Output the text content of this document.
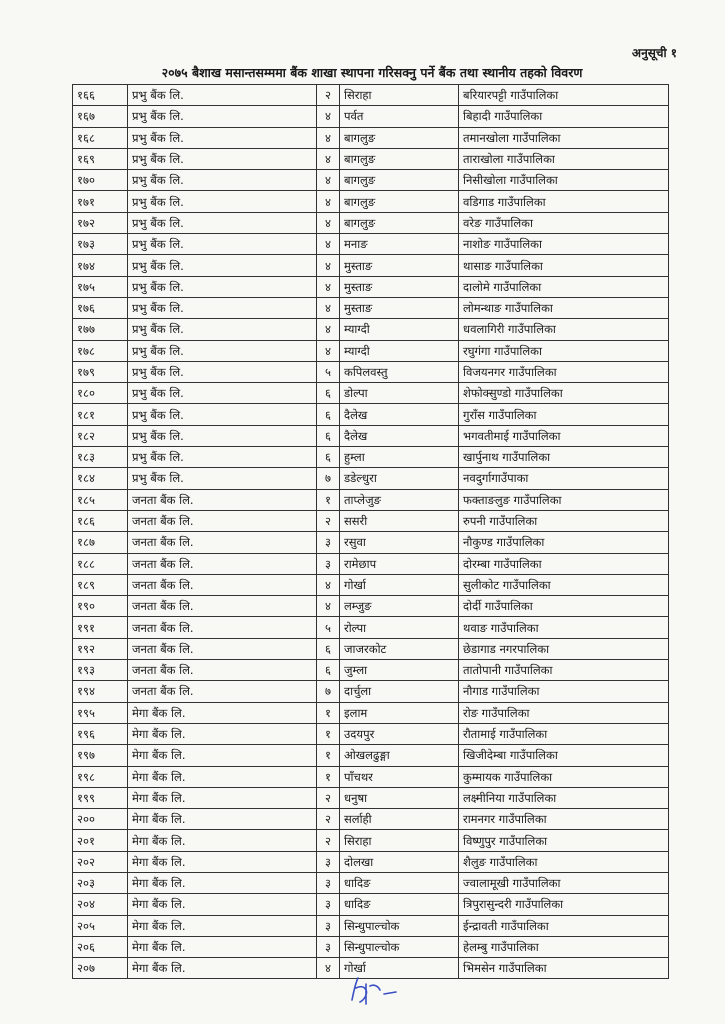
अनुसूची १
२०७५ बैशाख मसान्तसम्ममा बैंक शाखा स्थापना गरिसक्नु पर्ने बैंक तथा स्थानीय तहको विवरण
१६६	प्रभु बैंक लि.	२	सिराहा	बरियारपट्टी गाउँपालिका
१६७	प्रभु बैंक लि.	४	पर्वत	बिहादी गाउँपालिका
१६८	प्रभु बैंक लि.	४	बागलुङ	तमानखोला गाउँपालिका
१६९	प्रभु बैंक लि.	४	बागलुङ	ताराखोला गाउँपालिका
१७०	प्रभु बैंक लि.	४	बागलुङ	निसीखोला गाउँपालिका
१७१	प्रभु बैंक लि.	४	बागलुङ	वडिगाड गाउँपालिका
१७२	प्रभु बैंक लि.	४	बागलुङ	वरेङ गाउँपालिका
१७३	प्रभु बैंक लि.	४	मनाङ	नाशोङ गाउँपालिका
१७४	प्रभु बैंक लि.	४	मुस्ताङ	थासाङ गाउँपालिका
१७५	प्रभु बैंक लि.	४	मुस्ताङ	दालोमे गाउँपालिका
१७६	प्रभु बैंक लि.	४	मुस्ताङ	लोमन्थाङ गाउँपालिका
१७७	प्रभु बैंक लि.	४	म्याग्दी	धवलागिरी गाउँपालिका
१७८	प्रभु बैंक लि.	४	म्याग्दी	रघुगंगा गाउँपालिका
१७९	प्रभु बैंक लि.	५	कपिलवस्तु	विजयनगर गाउँपालिका
१८०	प्रभु बैंक लि.	६	डोल्पा	शेफोक्सुण्डो गाउँपालिका
१८१	प्रभु बैंक लि.	६	दैलेख	गुराँस गाउँपालिका
१८२	प्रभु बैंक लि.	६	दैलेख	भगवतीमाई गाउँपालिका
१८३	प्रभु बैंक लि.	६	हुम्ला	खार्पुनाथ गाउँपालिका
१८४	प्रभु बैंक लि.	७	डडेल्धुरा	नवदुर्गागाउँपाका
१८५	जनता बैंक लि.	१	ताप्लेजुङ	फक्ताङलुङ गाउँपालिका
१८६	जनता बैंक लि.	२	ससरी	रुपनी गाउँपालिका
१८७	जनता बैंक लि.	३	रसुवा	नौकुण्ड गाउँपालिका
१८८	जनता बैंक लि.	३	रामेछाप	दोरम्बा गाउँपालिका
१८९	जनता बैंक लि.	४	गोर्खा	सुलीकोट गाउँपालिका
१९०	जनता बैंक लि.	४	लम्जुङ	दोर्दी गाउँपालिका
१९१	जनता बैंक लि.	५	रोल्पा	थवाङ गाउँपालिका
१९२	जनता बैंक लि.	६	जाजरकोट	छेडागाड नगरपालिका
१९३	जनता बैंक लि.	६	जुम्ला	तातोपानी गाउँपालिका
१९४	जनता बैंक लि.	७	दार्चुला	नौगाड गाउँपालिका
१९५	मेगा बैंक लि.	१	इलाम	रोङ गाउँपालिका
१९६	मेगा बैंक लि.	१	उदयपुर	रौतामाई गाउँपालिका
१९७	मेगा बैंक लि.	१	ओखलढुङ्गा	खिजीदेम्बा गाउँपालिका
१९८	मेगा बैंक लि.	१	पाँचथर	कुम्मायक गाउँपालिका
१९९	मेगा बैंक लि.	२	धनुषा	लक्ष्मीनिया गाउँपालिका
२००	मेगा बैंक लि.	२	सर्लाही	रामनगर गाउँपालिका
२०१	मेगा बैंक लि.	२	सिराहा	विष्णुपुर गाउँपालिका
२०२	मेगा बैंक लि.	३	दोलखा	शैलुङ गाउँपालिका
२०३	मेगा बैंक लि.	३	धादिङ	ज्वालामूखी गाउँपालिका
२०४	मेगा बैंक लि.	३	धादिङ	त्रिपुरासुन्दरी गाउँपालिका
२०५	मेगा बैंक लि.	३	सिन्धुपाल्चोक	ईन्द्रावती गाउँपालिका
२०६	मेगा बैंक लि.	३	सिन्धुपाल्चोक	हेलम्बु गाउँपालिका
२०७	मेगा बैंक लि.	४	गोर्खा	भिमसेन गाउँपालिका
